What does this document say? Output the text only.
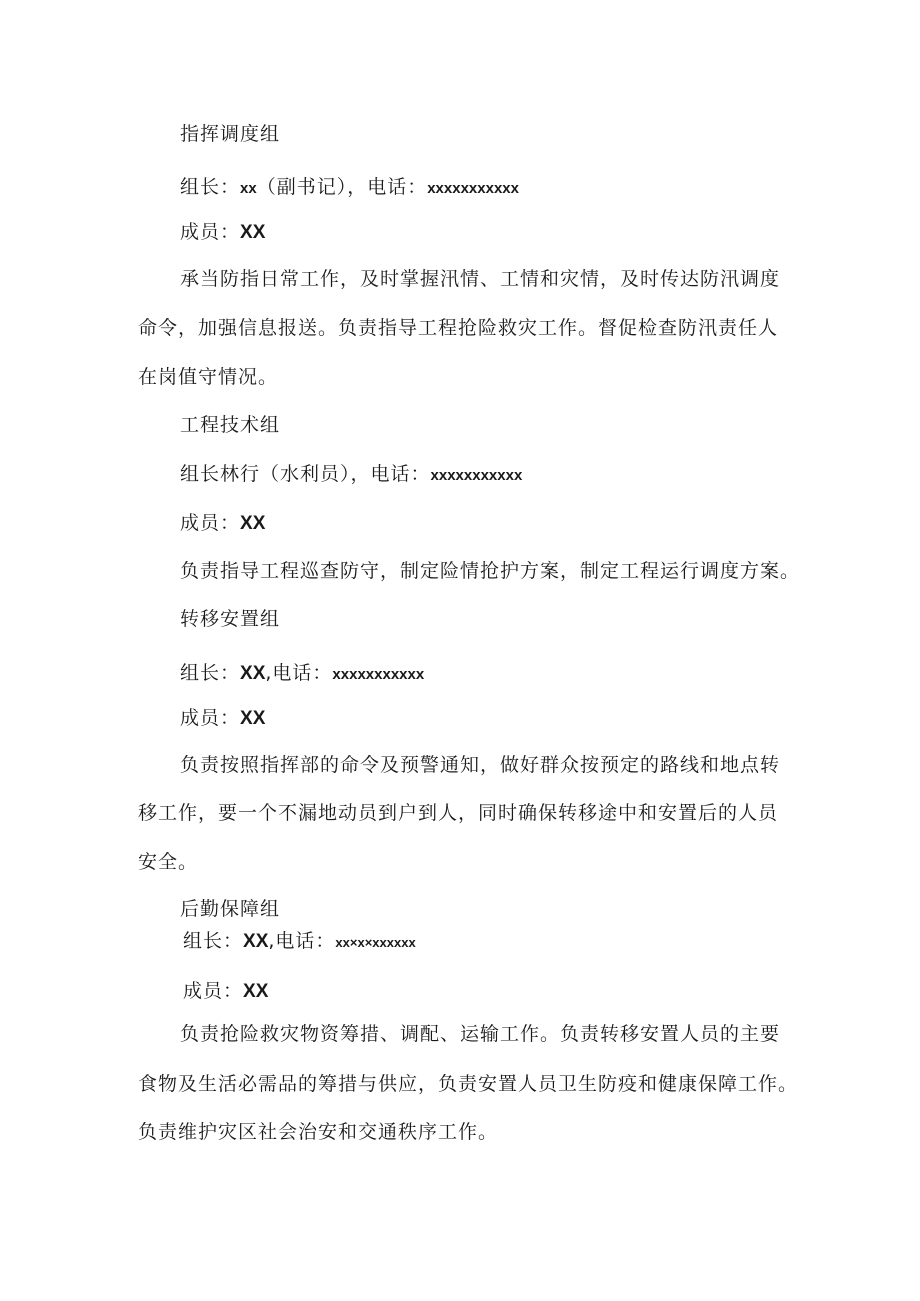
指挥调度组
组长：xx（副书记），电话：xxxxxxxxxxx
成员：XX
承当防指日常工作，及时掌握汛情、工情和灾情，及时传达防汛调度
命令，加强信息报送。负责指导工程抢险救灾工作。督促检查防汛责任人
在岗值守情况。
工程技术组
组长林行（水利员），电话：xxxxxxxxxxx
成员：XX
负责指导工程巡查防守，制定险情抢护方案，制定工程运行调度方案。
转移安置组
组长：XX,电话：xxxxxxxxxxx
成员：XX
负责按照指挥部的命令及预警通知，做好群众按预定的路线和地点转
移工作，要一个不漏地动员到户到人，同时确保转移途中和安置后的人员
安全。
后勤保障组
组长：XX,电话：xx×x×xxxxxx
成员：XX
负责抢险救灾物资筹措、调配、运输工作。负责转移安置人员的主要
食物及生活必需品的筹措与供应，负责安置人员卫生防疫和健康保障工作。
负责维护灾区社会治安和交通秩序工作。
